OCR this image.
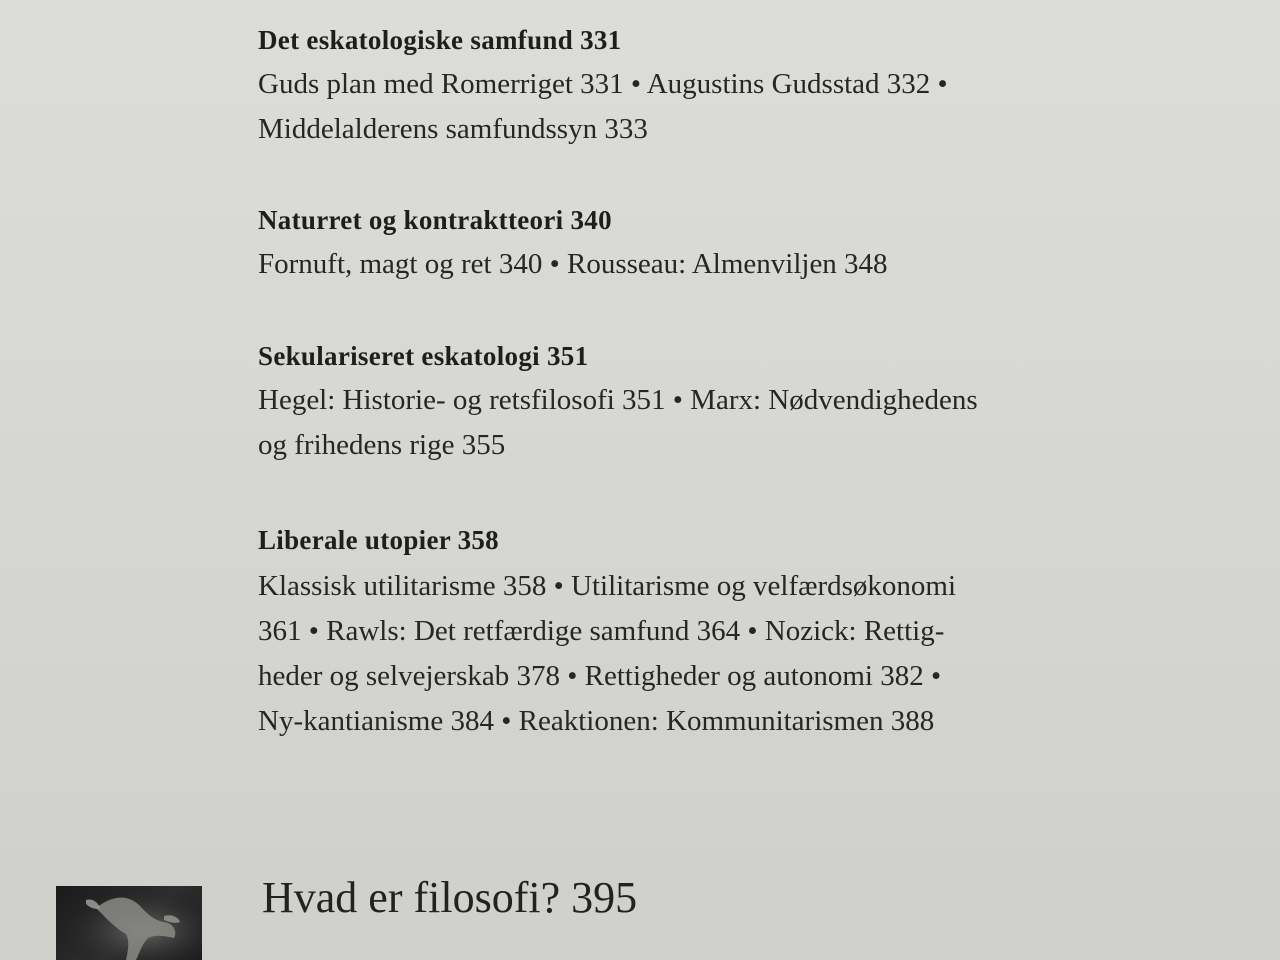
Det eskatologiske samfund 331

Guds plan med Romerriget 331 • Augustins Gudsstad 332 •
Middelalderens samfundssyn 333

Naturret og kontraktteori 340

Fornuft, magt og ret 340 • Rousseau: Almenviljen 348

Sekulariseret eskatologi 351

Hegel: Historie- og retsfilosofi 351 • Marx: Nødvendighedens
og frihedens rige 355

Liberale utopier 358

Klassisk utilitarisme 358 • Utilitarisme og velfærdsøkonomi
361 • Rawls: Det retfærdige samfund 364 • Nozick: Rettig-
heder og selvejerskab 378 • Rettigheder og autonomi 382 •
Ny-kantianisme 384 • Reaktionen: Kommunitarismen 388

Hvad er filosofi? 395
